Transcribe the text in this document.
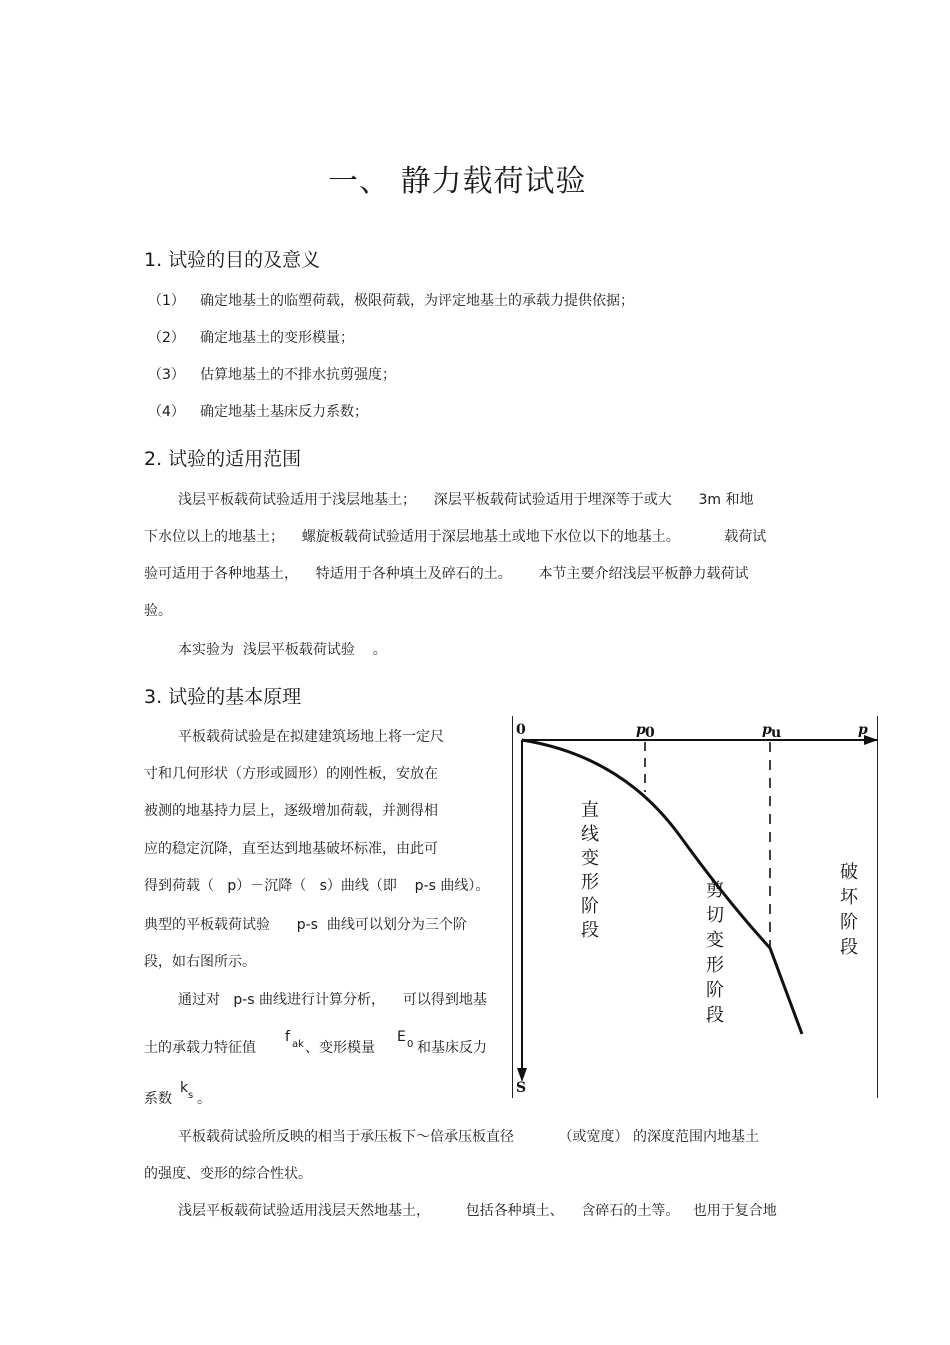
一、 静力载荷试验
1. 试验的目的及意义
（1） 确定地基土的临塑荷载，极限荷载，为评定地基土的承载力提供依据；
（2） 确定地基土的变形模量；
（3） 估算地基土的不排水抗剪强度；
（4） 确定地基土基床反力系数；
2. 试验的适用范围
浅层平板载荷试验适用于浅层地基土；    深层平板载荷试验适用于埋深等于或大      3m 和地
下水位以上的地基土；    螺旋板载荷试验适用于深层地基土或地下水位以下的地基土。          载荷试
验可适用于各种地基土，    特适用于各种填土及碎石的土。      本节主要介绍浅层平板静力载荷试
验。
本实验为  浅层平板载荷试验    。
3. 试验的基本原理
平板载荷试验是在拟建建筑场地上将一定尺
寸和几何形状（方形或圆形）的刚性板，安放在
被测的地基持力层上，逐级增加荷载，并测得相
应的稳定沉降，直至达到地基破坏标准，由此可
得到荷载（   p）－沉降（   s）曲线（即    p-s 曲线）。
典型的平板载荷试验      p-s  曲线可以划分为三个阶
段，如右图所示。
通过对   p-s 曲线进行计算分析，    可以得到地基
土的承载力特征值
f ak 、变形模量
E 0 和基床反力
系数
k s 。
平板载荷试验所反映的相当于承压板下～倍承压板直径          （或宽度） 的深度范围内地基土
的强度、变形的综合性状。
浅层平板载荷试验适用浅层天然地基土，        包括各种填土、    含碎石的土等。   也用于复合地
0	p 0	p u	p
S
直
线
变
形
阶
段
剪
切
变
形
阶
段
破
坏
阶
段
